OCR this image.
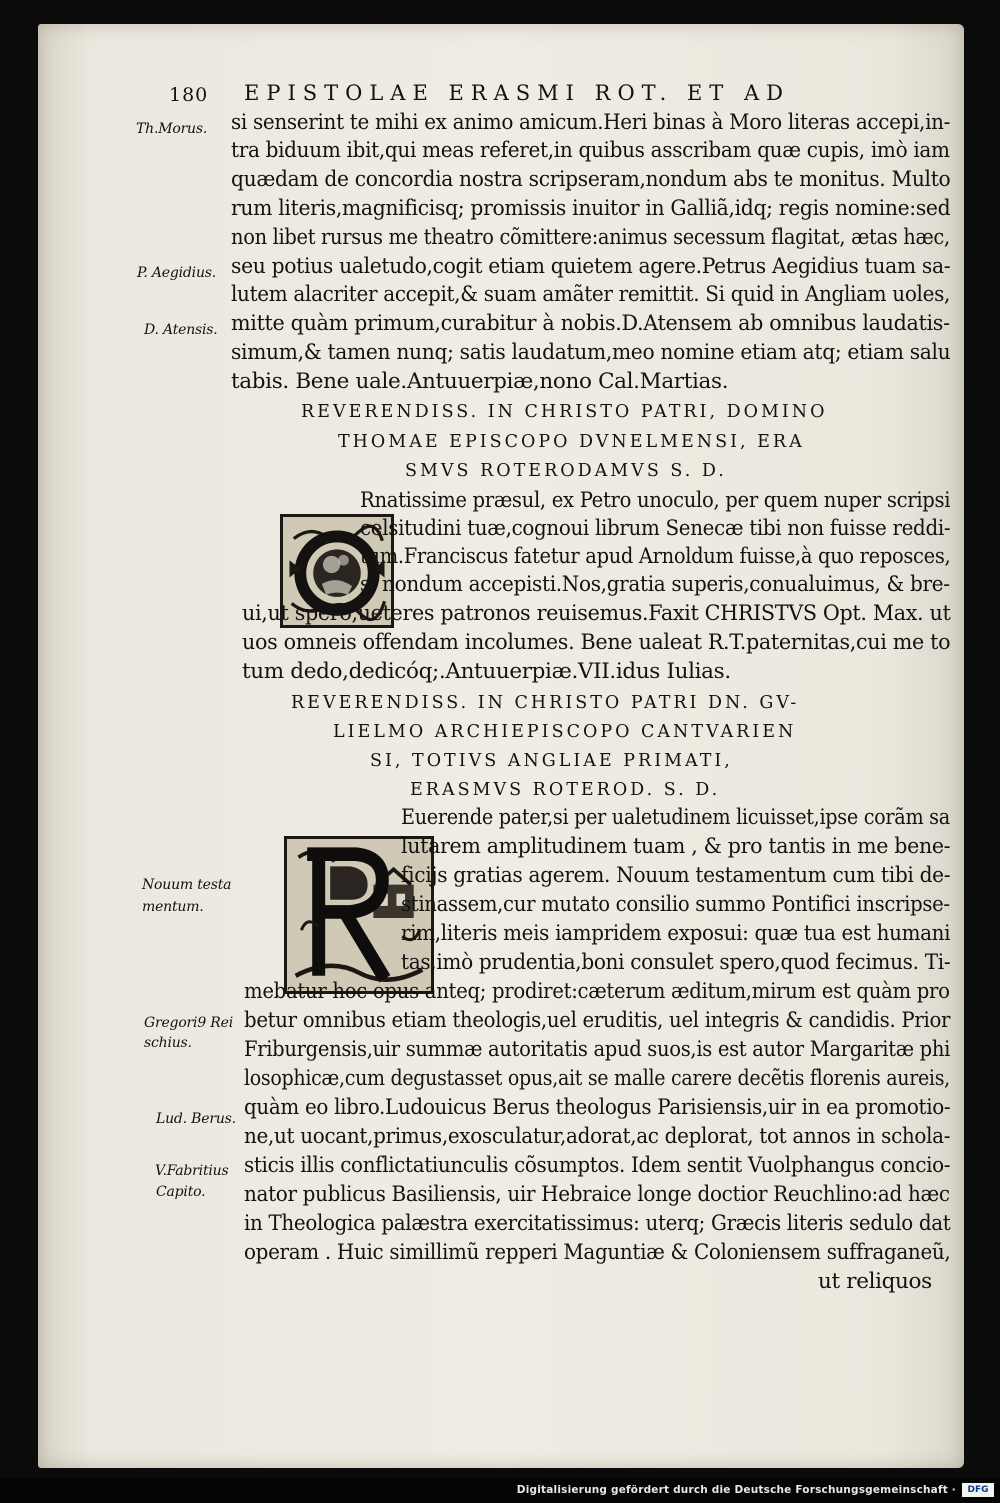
180 EPISTOLAE ERASMI ROT. ET AD
Th.Morus.
P. Aegidius.
D. Atensis.
Nouum testa
mentum.
Gregori9 Rei
schius.
Lud. Berus.
V.Fabritius
Capito.
si senserint te mihi ex animo amicum.Heri binas à Moro literas accepi,in-
tra biduum ibit,qui meas referet,in quibus asscribam quæ cupis, imò iam
quædam de concordia nostra scripseram,nondum abs te monitus. Multo
rum literis,magnificisq; promissis inuitor in Galliã,idq; regis nomine:sed
non libet rursus me theatro cõmittere:animus secessum flagitat, ætas hæc,
seu potius ualetudo,cogit etiam quietem agere.Petrus Aegidius tuam sa-
lutem alacriter accepit,& suam amãter remittit. Si quid in Angliam uoles,
mitte quàm primum,curabitur à nobis.D.Atensem ab omnibus laudatis-
simum,& tamen nunq; satis laudatum,meo nomine etiam atq; etiam salu
tabis. Bene uale.Antuuerpiæ,nono Cal.Martias.
REVERENDISS. IN CHRISTO PATRI, DOMINO
THOMAE EPISCOPO DVNELMENSI, ERA
SMVS ROTERODAMVS S. D.
Rnatissime præsul, ex Petro unoculo, per quem nuper scripsi
celsitudini tuæ,cognoui librum Senecæ tibi non fuisse reddi-
tum.Franciscus fatetur apud Arnoldum fuisse,à quo reposces,
si nondum accepisti.Nos,gratia superis,conualuimus, & bre-
ui,ut spero,ueteres patronos reuisemus.Faxit CHRISTVS Opt. Max. ut
uos omneis offendam incolumes. Bene ualeat R.T.paternitas,cui me to
tum dedo,dedicóq;.Antuuerpiæ.VII.idus Iulias.
REVERENDISS. IN CHRISTO PATRI DN. GV-
LIELMO ARCHIEPISCOPO CANTVARIEN
SI, TOTIVS ANGLIAE PRIMATI,
ERASMVS ROTEROD. S. D.
Euerende pater,si per ualetudinem licuisset,ipse corãm sa
lutarem amplitudinem tuam , & pro tantis in me bene-
ficijs gratias agerem. Nouum testamentum cum tibi de-
stinassem,cur mutato consilio summo Pontifici inscripse-
rim,literis meis iampridem exposui: quæ tua est humani
tas,imò prudentia,boni consulet spero,quod fecimus. Ti-
mebatur hoc opus anteq; prodiret:cæterum æditum,mirum est quàm pro
betur omnibus etiam theologis,uel eruditis, uel integris & candidis. Prior
Friburgensis,uir summæ autoritatis apud suos,is est autor Margaritæ phi
losophicæ,cum degustasset opus,ait se malle carere decẽtis florenis aureis,
quàm eo libro.Ludouicus Berus theologus Parisiensis,uir in ea promotio-
ne,ut uocant,primus,exosculatur,adorat,ac deplorat, tot annos in schola-
sticis illis conflictatiunculis cõsumptos. Idem sentit Vuolphangus concio-
nator publicus Basiliensis, uir Hebraice longe doctior Reuchlino:ad hæc
in Theologica palæstra exercitatissimus: uterq; Græcis literis sedulo dat
operam . Huic simillimũ repperi Maguntiæ & Coloniensem suffraganeũ,
ut reliquos
Digitalisierung gefördert durch die Deutsche Forschungsgemeinschaft ·	DFG
